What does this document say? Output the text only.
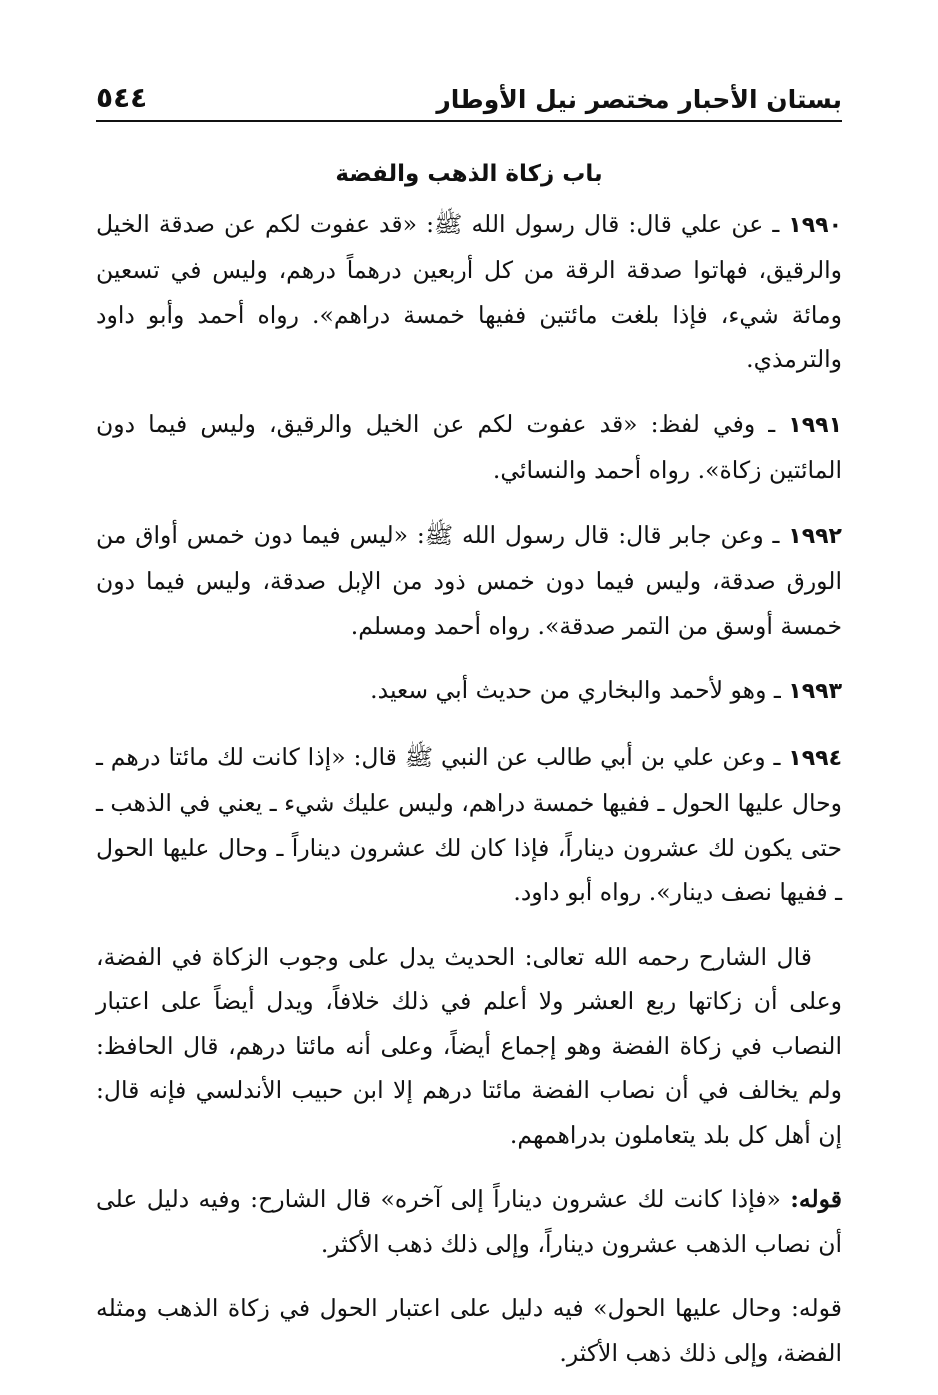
بستان الأحبار مختصر نيل الأوطار
٥٤٤
باب زكاة الذهب والفضة

١٩٩٠ ـ عن علي قال: قال رسول الله ﷺ: «قد عفوت لكم عن صدقة الخيل والرقيق، فهاتوا صدقة الرقة من كل أربعين درهماً درهم، وليس في تسعين ومائة شيء، فإذا بلغت مائتين ففيها خمسة دراهم». رواه أحمد وأبو داود والترمذي.

١٩٩١ ـ وفي لفظ: «قد عفوت لكم عن الخيل والرقيق، وليس فيما دون المائتين زكاة». رواه أحمد والنسائي.

١٩٩٢ ـ وعن جابر قال: قال رسول الله ﷺ: «ليس فيما دون خمس أواق من الورق صدقة، وليس فيما دون خمس ذود من الإبل صدقة، وليس فيما دون خمسة أوسق من التمر صدقة». رواه أحمد ومسلم.

١٩٩٣ ـ وهو لأحمد والبخاري من حديث أبي سعيد.

١٩٩٤ ـ وعن علي بن أبي طالب عن النبي ﷺ قال: «إذا كانت لك مائتا درهم ـ وحال عليها الحول ـ ففيها خمسة دراهم، وليس عليك شيء ـ يعني في الذهب ـ حتى يكون لك عشرون ديناراً، فإذا كان لك عشرون ديناراً ـ وحال عليها الحول ـ ففيها نصف دينار». رواه أبو داود.

قال الشارح رحمه الله تعالى: الحديث يدل على وجوب الزكاة في الفضة، وعلى أن زكاتها ربع العشر ولا أعلم في ذلك خلافاً، ويدل أيضاً على اعتبار النصاب في زكاة الفضة وهو إجماع أيضاً، وعلى أنه مائتا درهم، قال الحافظ: ولم يخالف في أن نصاب الفضة مائتا درهم إلا ابن حبيب الأندلسي فإنه قال: إن أهل كل بلد يتعاملون بدراهمهم.

قوله: «فإذا كانت لك عشرون ديناراً إلى آخره» قال الشارح: وفيه دليل على أن نصاب الذهب عشرون ديناراً، وإلى ذلك ذهب الأكثر.

قوله: وحال عليها الحول» فيه دليل على اعتبار الحول في زكاة الذهب ومثله الفضة، وإلى ذلك ذهب الأكثر.
